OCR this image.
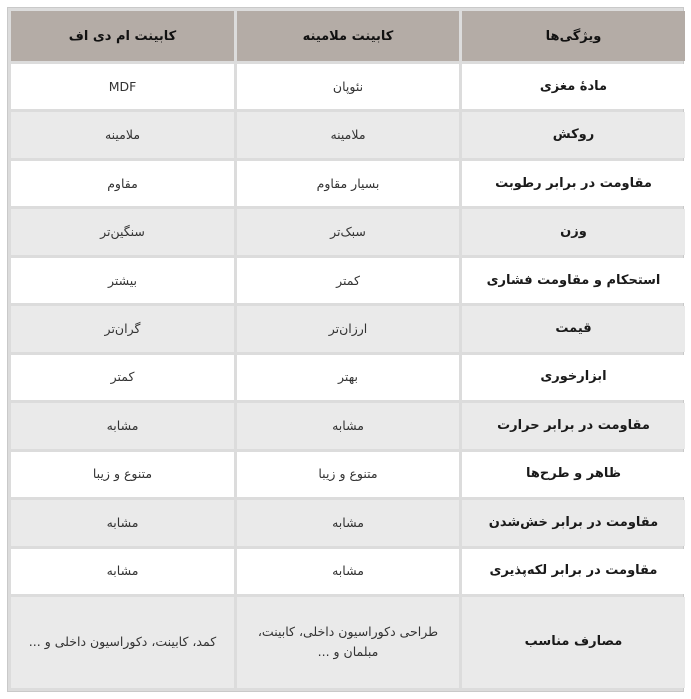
ویژگی‌ها	کابینت ملامینه	کابینت ام دی اف
مادهٔ مغزی	نئوپان	MDF
روکش	ملامینه	ملامینه
مقاومت در برابر رطوبت	بسیار مقاوم	مقاوم
وزن	سبک‌تر	سنگین‌تر
استحکام و مقاومت فشاری	کمتر	بیشتر
قیمت	ارزان‌تر	گران‌تر
ابزارخوری	بهتر	کمتر
مقاومت در برابر حرارت	مشابه	مشابه
ظاهر و طرح‌ها	متنوع و زیبا	متنوع و زیبا
مقاومت در برابر خش‌شدن	مشابه	مشابه
مقاومت در برابر لکه‌پذیری	مشابه	مشابه
مصارف مناسب	طراحی دکوراسیون داخلی، کابینت، مبلمان و ...	کمد، کابینت، دکوراسیون داخلی و ...
